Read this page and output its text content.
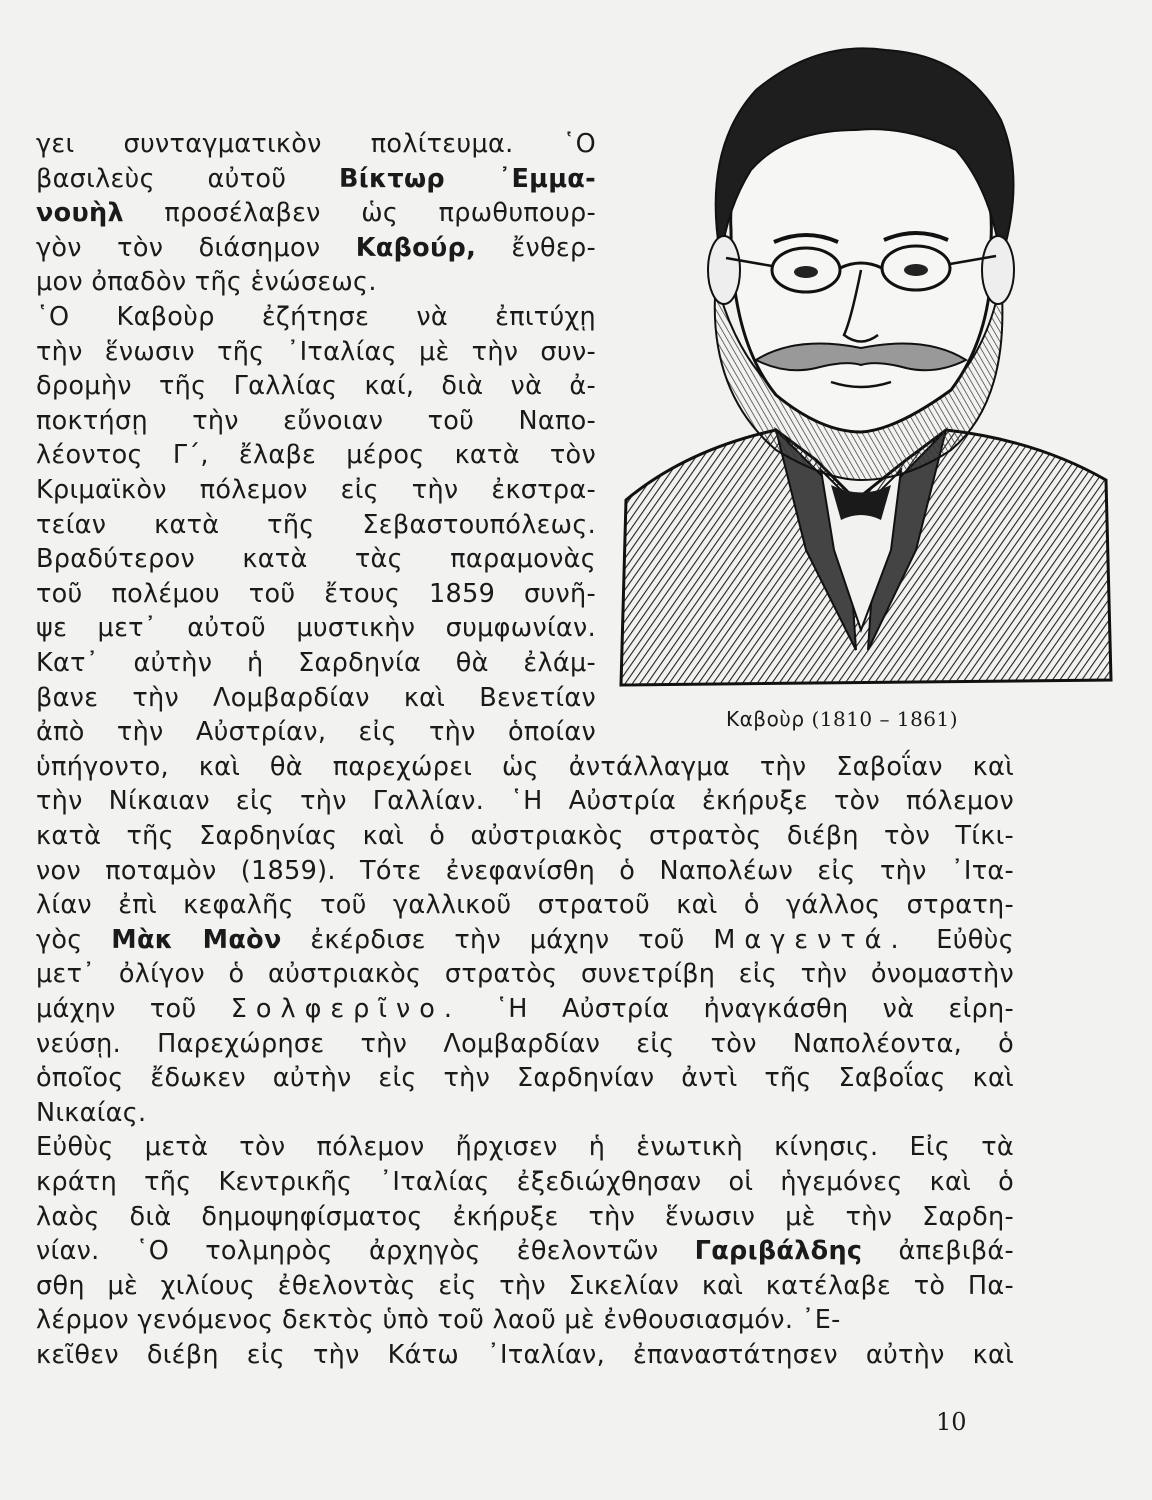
Καβοὺρ (1810 – 1861)
γει συνταγματικὸν πολίτευμα. ῾Ο
βασιλεὺς αὐτοῦ Βίκτωρ ᾿Εμμα-
νουὴλ προσέλαβεν ὡς πρωθυπουρ-
γὸν τὸν διάσημον Καβούρ, ἔνθερ-
μον ὀπαδὸν τῆς ἑνώσεως.
῾Ο Καβοὺρ ἐζήτησε νὰ ἐπιτύχῃ
τὴν ἕνωσιν τῆς ᾿Ιταλίας μὲ τὴν συν-
δρομὴν τῆς Γαλλίας καί, διὰ νὰ ἀ-
ποκτήσῃ τὴν εὔνοιαν τοῦ Ναπο-
λέοντος Γ΄, ἔλαβε μέρος κατὰ τὸν
Κριμαϊκὸν πόλεμον εἰς τὴν ἐκστρα-
τείαν κατὰ τῆς Σεβαστουπόλεως.
Βραδύτερον κατὰ τὰς παραμονὰς
τοῦ πολέμου τοῦ ἔτους 1859 συνῆ-
ψε μετ᾿ αὐτοῦ μυστικὴν συμφωνίαν.
Κατ᾿ αὐτὴν ἡ Σαρδηνία θὰ ἐλάμ-
βανε τὴν Λομβαρδίαν καὶ Βενετίαν
ἀπὸ τὴν Αὐστρίαν, εἰς τὴν ὁποίαν
ὑπήγοντο, καὶ θὰ παρεχώρει ὡς ἀντάλλαγμα τὴν Σαβοΐαν καὶ
τὴν Νίκαιαν εἰς τὴν Γαλλίαν. ῾Η Αὐστρία ἐκήρυξε τὸν πόλεμον
κατὰ τῆς Σαρδηνίας καὶ ὁ αὐστριακὸς στρατὸς διέβη τὸν Τίκι-
νον ποταμὸν (1859). Τότε ἐνεφανίσθη ὁ Ναπολέων εἰς τὴν ᾿Ιτα-
λίαν ἐπὶ κεφαλῆς τοῦ γαλλικοῦ στρατοῦ καὶ ὁ γάλλος στρατη-
γὸς Μὰκ Μαὸν ἐκέρδισε τὴν μάχην τοῦ Μαγεντά. Εὐθὺς
μετ᾿ ὀλίγον ὁ αὐστριακὸς στρατὸς συνετρίβη εἰς τὴν ὀνομαστὴν
μάχην τοῦ Σολφερῖνο. ῾Η Αὐστρία ἠναγκάσθη νὰ εἰρη-
νεύσῃ. Παρεχώρησε τὴν Λομβαρδίαν εἰς τὸν Ναπολέοντα, ὁ
ὁποῖος ἔδωκεν αὐτὴν εἰς τὴν Σαρδηνίαν ἀντὶ τῆς Σαβοΐας καὶ
Νικαίας.
Εὐθὺς μετὰ τὸν πόλεμον ἤρχισεν ἡ ἑνωτικὴ κίνησις. Εἰς τὰ
κράτη τῆς Κεντρικῆς ᾿Ιταλίας ἐξεδιώχθησαν οἱ ἡγεμόνες καὶ ὁ
λαὸς διὰ δημοψηφίσματος ἐκήρυξε τὴν ἕνωσιν μὲ τὴν Σαρδη-
νίαν. ῾Ο τολμηρὸς ἀρχηγὸς ἐθελοντῶν Γαριβάλδης ἀπεβιβά-
σθη μὲ χιλίους ἐθελοντὰς εἰς τὴν Σικελίαν καὶ κατέλαβε τὸ Πα-
λέρμον γενόμενος δεκτὸς ὑπὸ τοῦ λαοῦ μὲ ἐνθουσιασμόν. ᾿Ε-
κεῖθεν διέβη εἰς τὴν Κάτω ᾿Ιταλίαν, ἐπαναστάτησεν αὐτὴν καὶ
10
